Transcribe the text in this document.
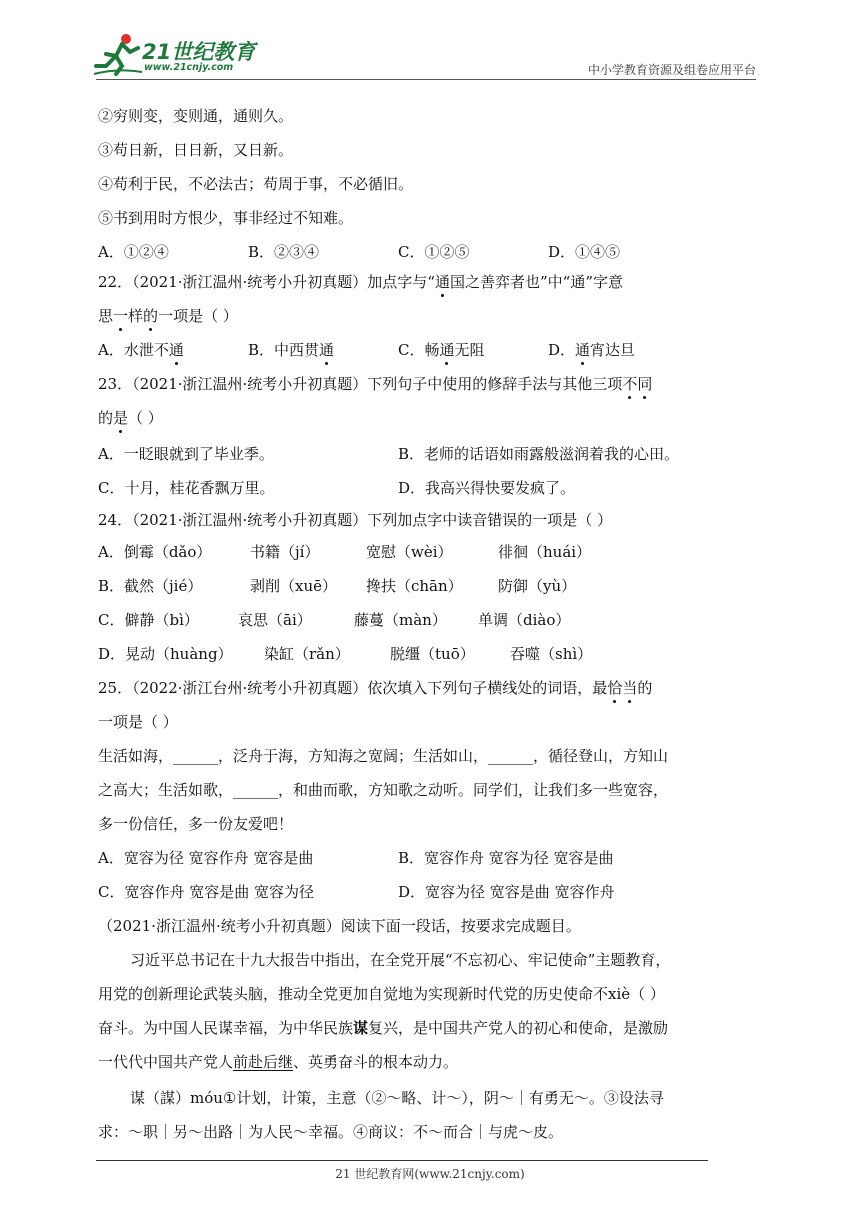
21世纪教育
www.21cnjy.com	中小学教育资源及组卷应用平台
②穷则变，变则通，通则久。
③苟日新，日日新，又日新。
④苟利于民，不必法古；苟周于事，不必循旧。
⑤书到用时方恨少，事非经过不知难。
A．①②④	B．②③④	C．①②⑤	D．①④⑤
22．（2021·浙江温州·统考小升初真题）加点字与“通国之善弈者也”中“通”字意
思一样的一项是（ ）
A．水泄不通	B．中西贯通	C．畅通无阻	D．通宵达旦
23．（2021·浙江温州·统考小升初真题）下列句子中使用的修辞手法与其他三项不同
的是（ ）
A．一眨眼就到了毕业季。	B．老师的话语如雨露般滋润着我的心田。
C．十月，桂花香飘万里。	D．我高兴得快要发疯了。
24．（2021·浙江温州·统考小升初真题）下列加点字中读音错误的一项是（ ）
A．倒霉（dǎo）	书籍（jí）	宽慰（wèi）	徘徊（huái）
B．截然（jié）	剥削（xuē） 搀扶（chān） 防御（yù）
C．僻静（bì）	哀思（āi）	藤蔓（màn） 单调（diào）
D．晃动（huàng） 染缸（rǎn）	脱缰（tuō） 吞噬（shì）
25．（2022·浙江台州·统考小升初真题）依次填入下列句子横线处的词语，最恰当的
一项是（ ）
生活如海，______，泛舟于海，方知海之宽阔；生活如山，______，循径登山，方知山
之高大；生活如歌，______，和曲而歌，方知歌之动听。同学们，让我们多一些宽容，
多一份信任，多一份友爱吧！
A．宽容为径 宽容作舟 宽容是曲	B．宽容作舟 宽容为径 宽容是曲
C．宽容作舟 宽容是曲 宽容为径	D．宽容为径 宽容是曲 宽容作舟
（2021·浙江温州·统考小升初真题）阅读下面一段话，按要求完成题目。
习近平总书记在十九大报告中指出，在全党开展“不忘初心、牢记使命”主题教育，
用党的创新理论武装头脑，推动全党更加自觉地为实现新时代党的历史使命不xiè（ ）
奋斗。为中国人民谋幸福，为中华民族谋复兴，是中国共产党人的初心和使命，是激励
一代代中国共产党人前赴后继、英勇奋斗的根本动力。
谋（謀）móu①计划，计策，主意（②～略、计～），阴～｜有勇无～。③设法寻
求：～职｜另～出路｜为人民～幸福。④商议：不～而合｜与虎～皮。
21 世纪教育网(www.21cnjy.com)
